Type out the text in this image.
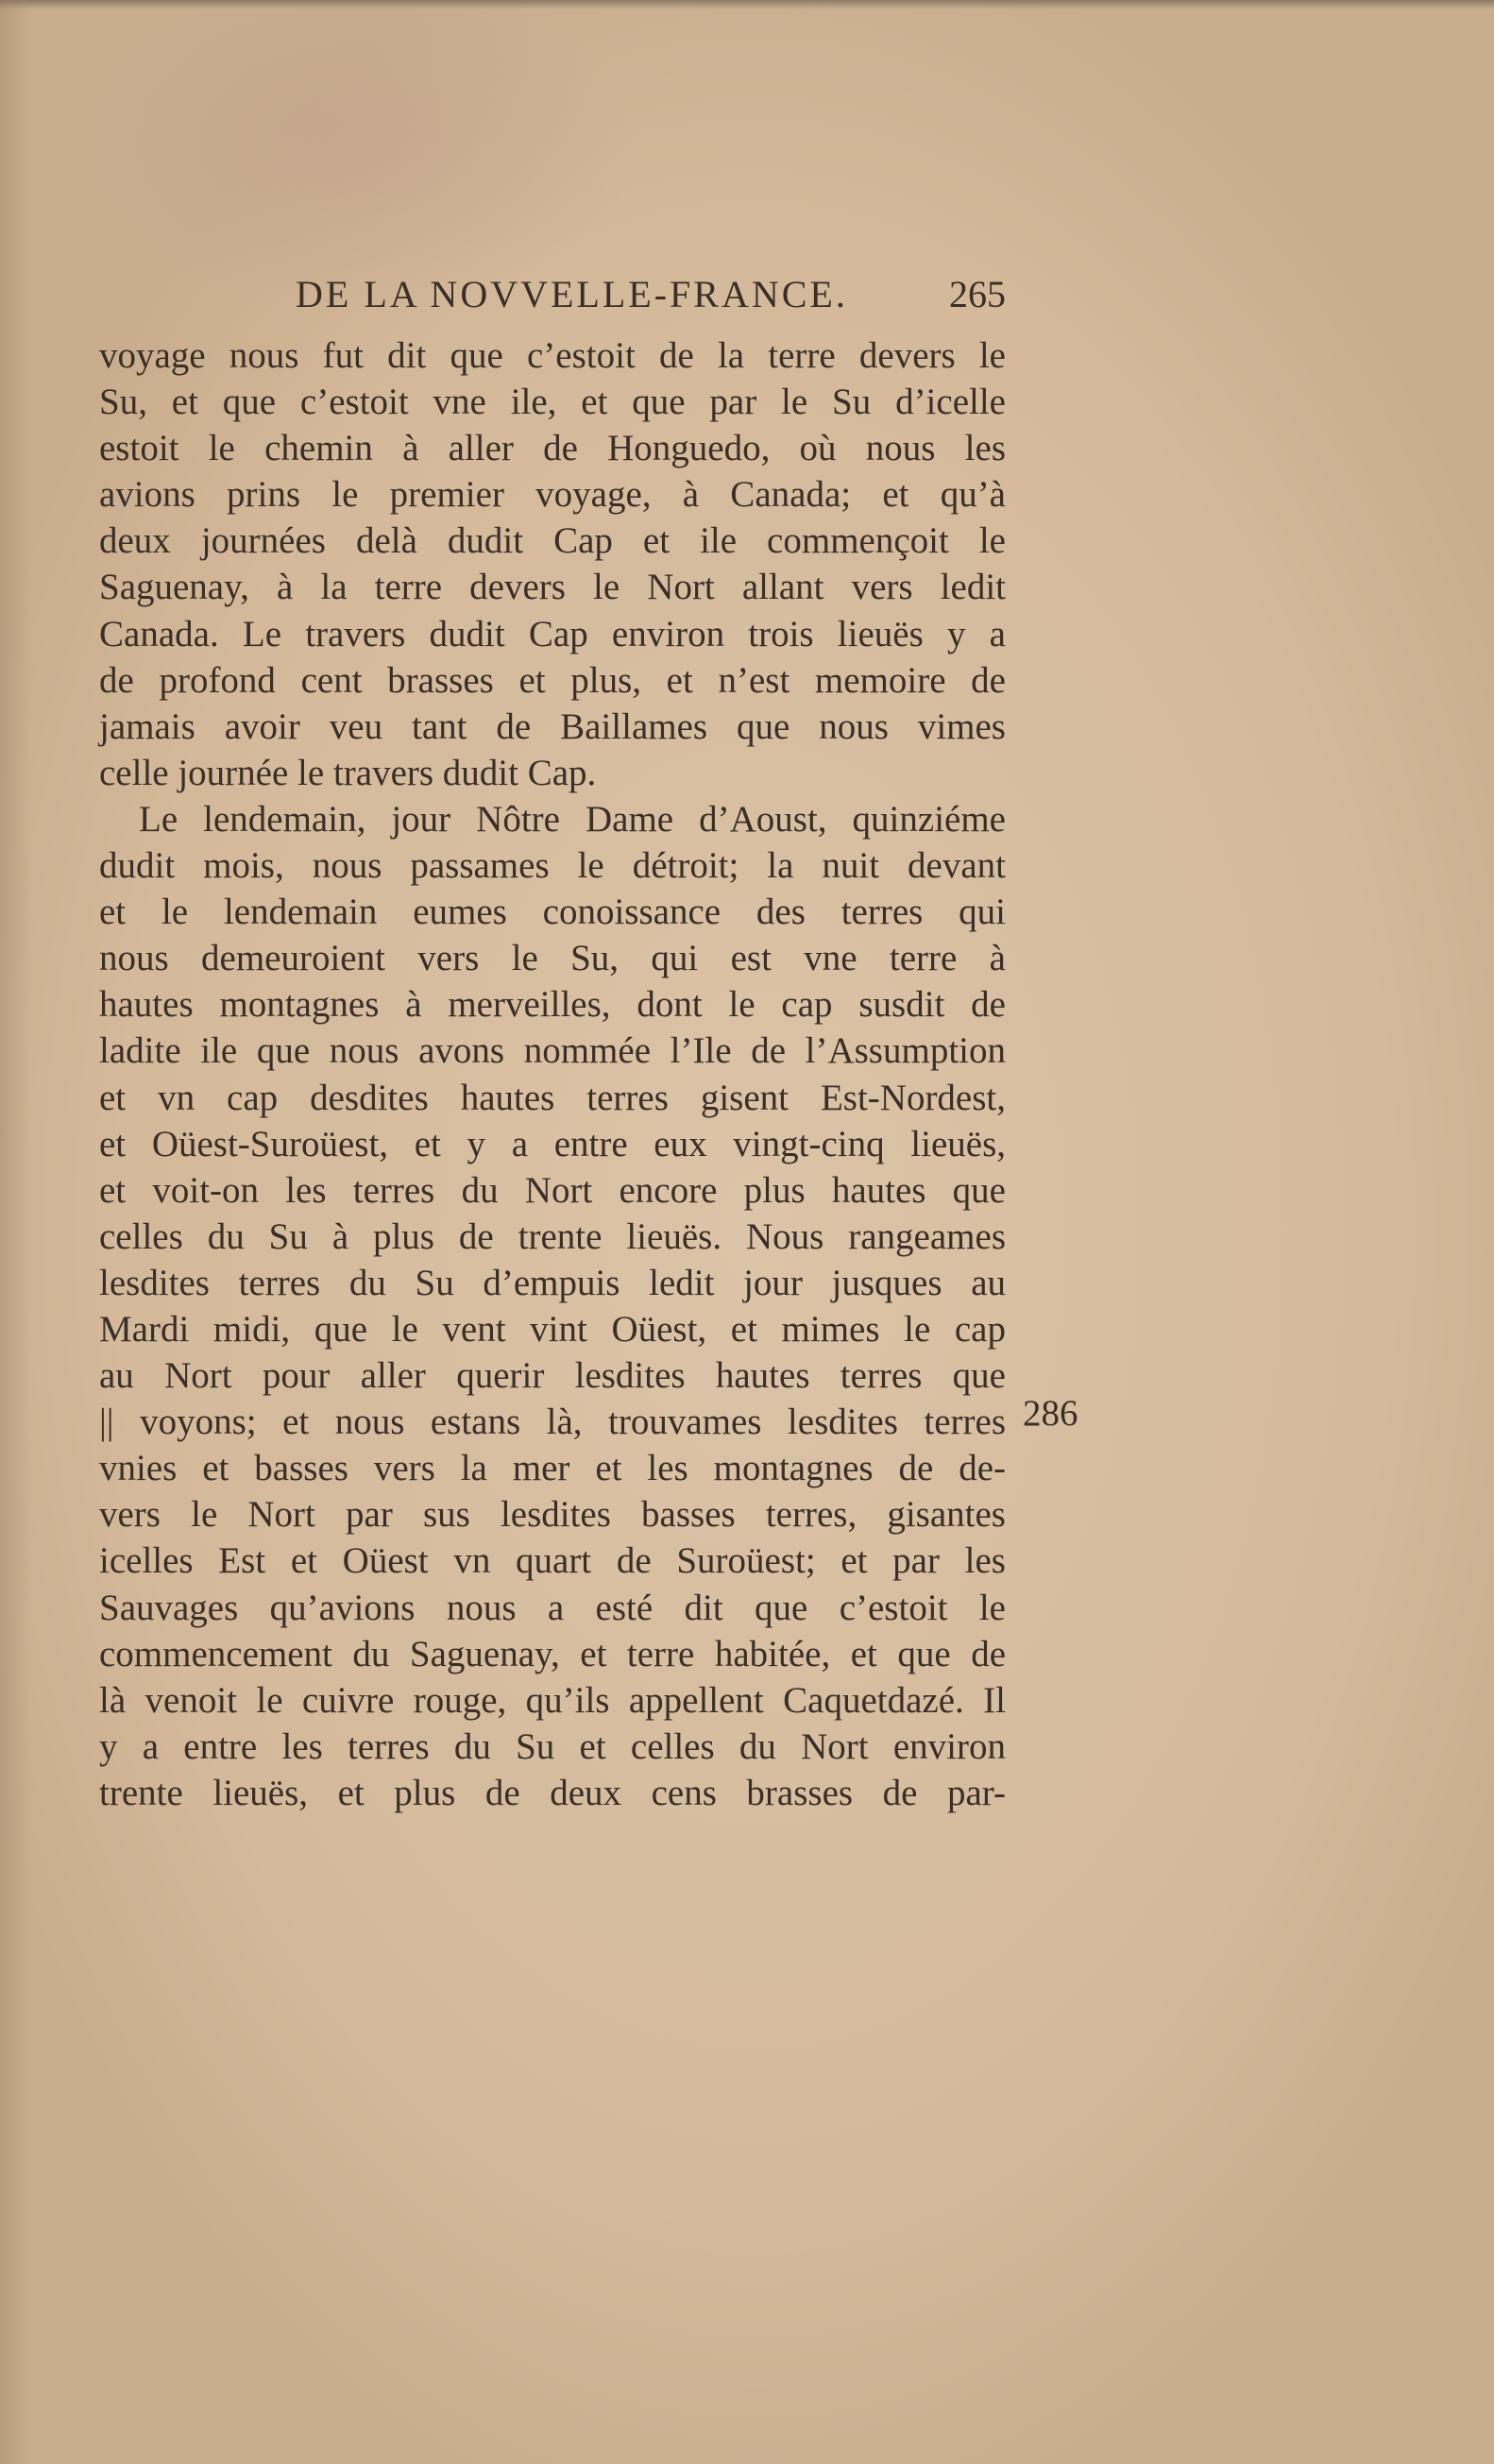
DE LA NOVVELLE-FRANCE.	265
voyage nous fut dit que c’estoit de la terre devers le
Su, et que c’estoit vne ile, et que par le Su d’icelle
estoit le chemin à aller de Honguedo, où nous les
avions prins le premier voyage, à Canada; et qu’à
deux journées delà dudit Cap et ile commençoit le
Saguenay, à la terre devers le Nort allant vers ledit
Canada. Le travers dudit Cap environ trois lieuës y a
de profond cent brasses et plus, et n’est memoire de
jamais avoir veu tant de Baillames que nous vimes
celle journée le travers dudit Cap.
Le lendemain, jour Nôtre Dame d’Aoust, quinziéme
dudit mois, nous passames le détroit; la nuit devant
et le lendemain eumes conoissance des terres qui
nous demeuroient vers le Su, qui est vne terre à
hautes montagnes à merveilles, dont le cap susdit de
ladite ile que nous avons nommée l’Ile de l’Assumption
et vn cap desdites hautes terres gisent Est-Nordest,
et Oüest-Suroüest, et y a entre eux vingt-cinq lieuës,
et voit-on les terres du Nort encore plus hautes que
celles du Su à plus de trente lieuës. Nous rangeames
lesdites terres du Su d’empuis ledit jour jusques au
Mardi midi, que le vent vint Oüest, et mimes le cap
au Nort pour aller querir lesdites hautes terres que
|| voyons; et nous estans là, trouvames lesdites terres
vnies et basses vers la mer et les montagnes de de-
vers le Nort par sus lesdites basses terres, gisantes
icelles Est et Oüest vn quart de Suroüest; et par les
Sauvages qu’avions nous a esté dit que c’estoit le
commencement du Saguenay, et terre habitée, et que de
là venoit le cuivre rouge, qu’ils appellent Caquetdazé. Il
y a entre les terres du Su et celles du Nort environ
trente lieuës, et plus de deux cens brasses de par-
286
